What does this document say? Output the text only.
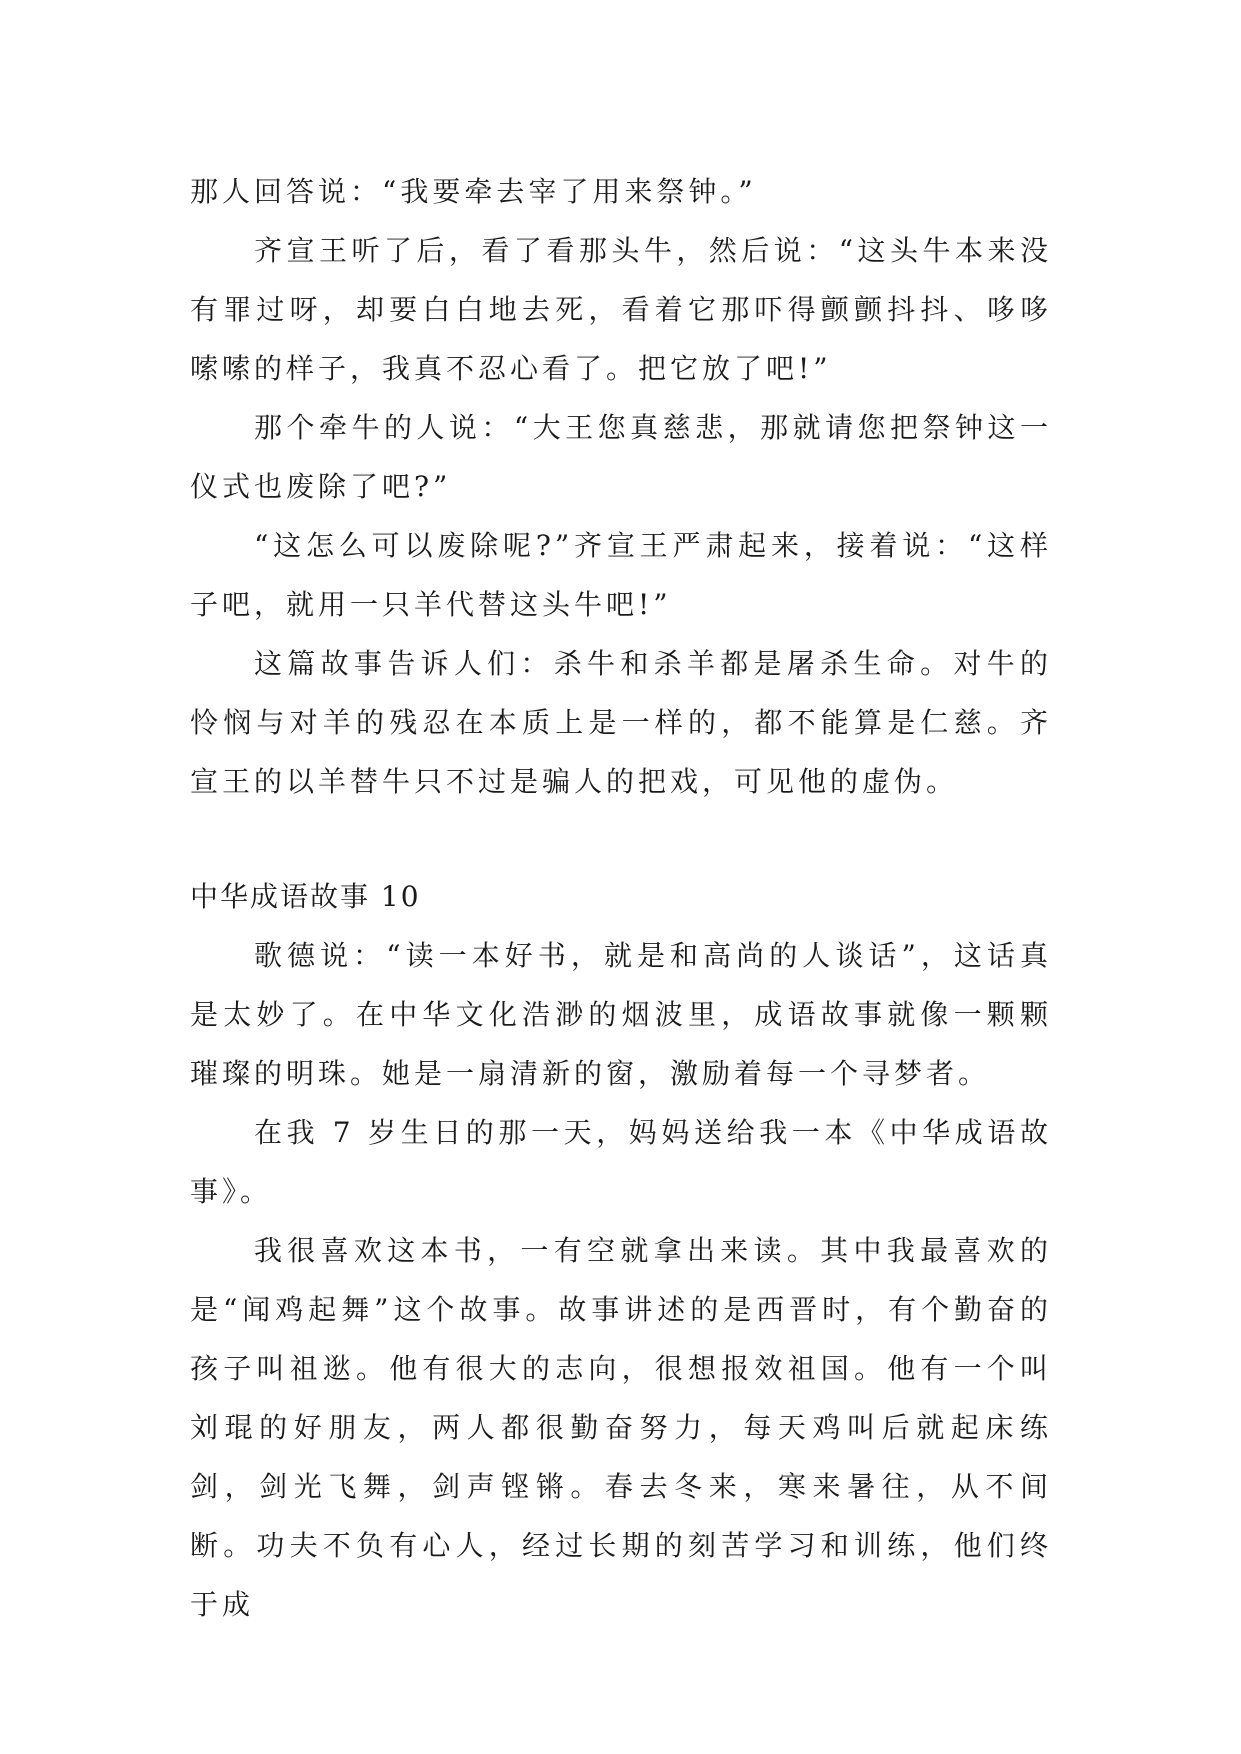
那人回答说：“我要牵去宰了用来祭钟。”

齐宣王听了后，看了看那头牛，然后说：“这头牛本来没有罪过呀，却要白白地去死，看着它那吓得颤颤抖抖、哆哆嗦嗦的样子，我真不忍心看了。把它放了吧!”

那个牵牛的人说：“大王您真慈悲，那就请您把祭钟这一仪式也废除了吧?”

“这怎么可以废除呢?”齐宣王严肃起来，接着说：“这样子吧，就用一只羊代替这头牛吧!”

这篇故事告诉人们：杀牛和杀羊都是屠杀生命。对牛的怜悯与对羊的残忍在本质上是一样的，都不能算是仁慈。齐宣王的以羊替牛只不过是骗人的把戏，可见他的虚伪。

中华成语故事 10

歌德说：“读一本好书，就是和高尚的人谈话”，这话真是太妙了。在中华文化浩渺的烟波里，成语故事就像一颗颗璀璨的明珠。她是一扇清新的窗，激励着每一个寻梦者。

在我 7 岁生日的那一天，妈妈送给我一本《中华成语故事》。

我很喜欢这本书，一有空就拿出来读。其中我最喜欢的是“闻鸡起舞”这个故事。故事讲述的是西晋时，有个勤奋的孩子叫祖逖。他有很大的志向，很想报效祖国。他有一个叫刘琨的好朋友，两人都很勤奋努力，每天鸡叫后就起床练剑，剑光飞舞，剑声铿锵。春去冬来，寒来暑往，从不间断。功夫不负有心人，经过长期的刻苦学习和训练，他们终于成
